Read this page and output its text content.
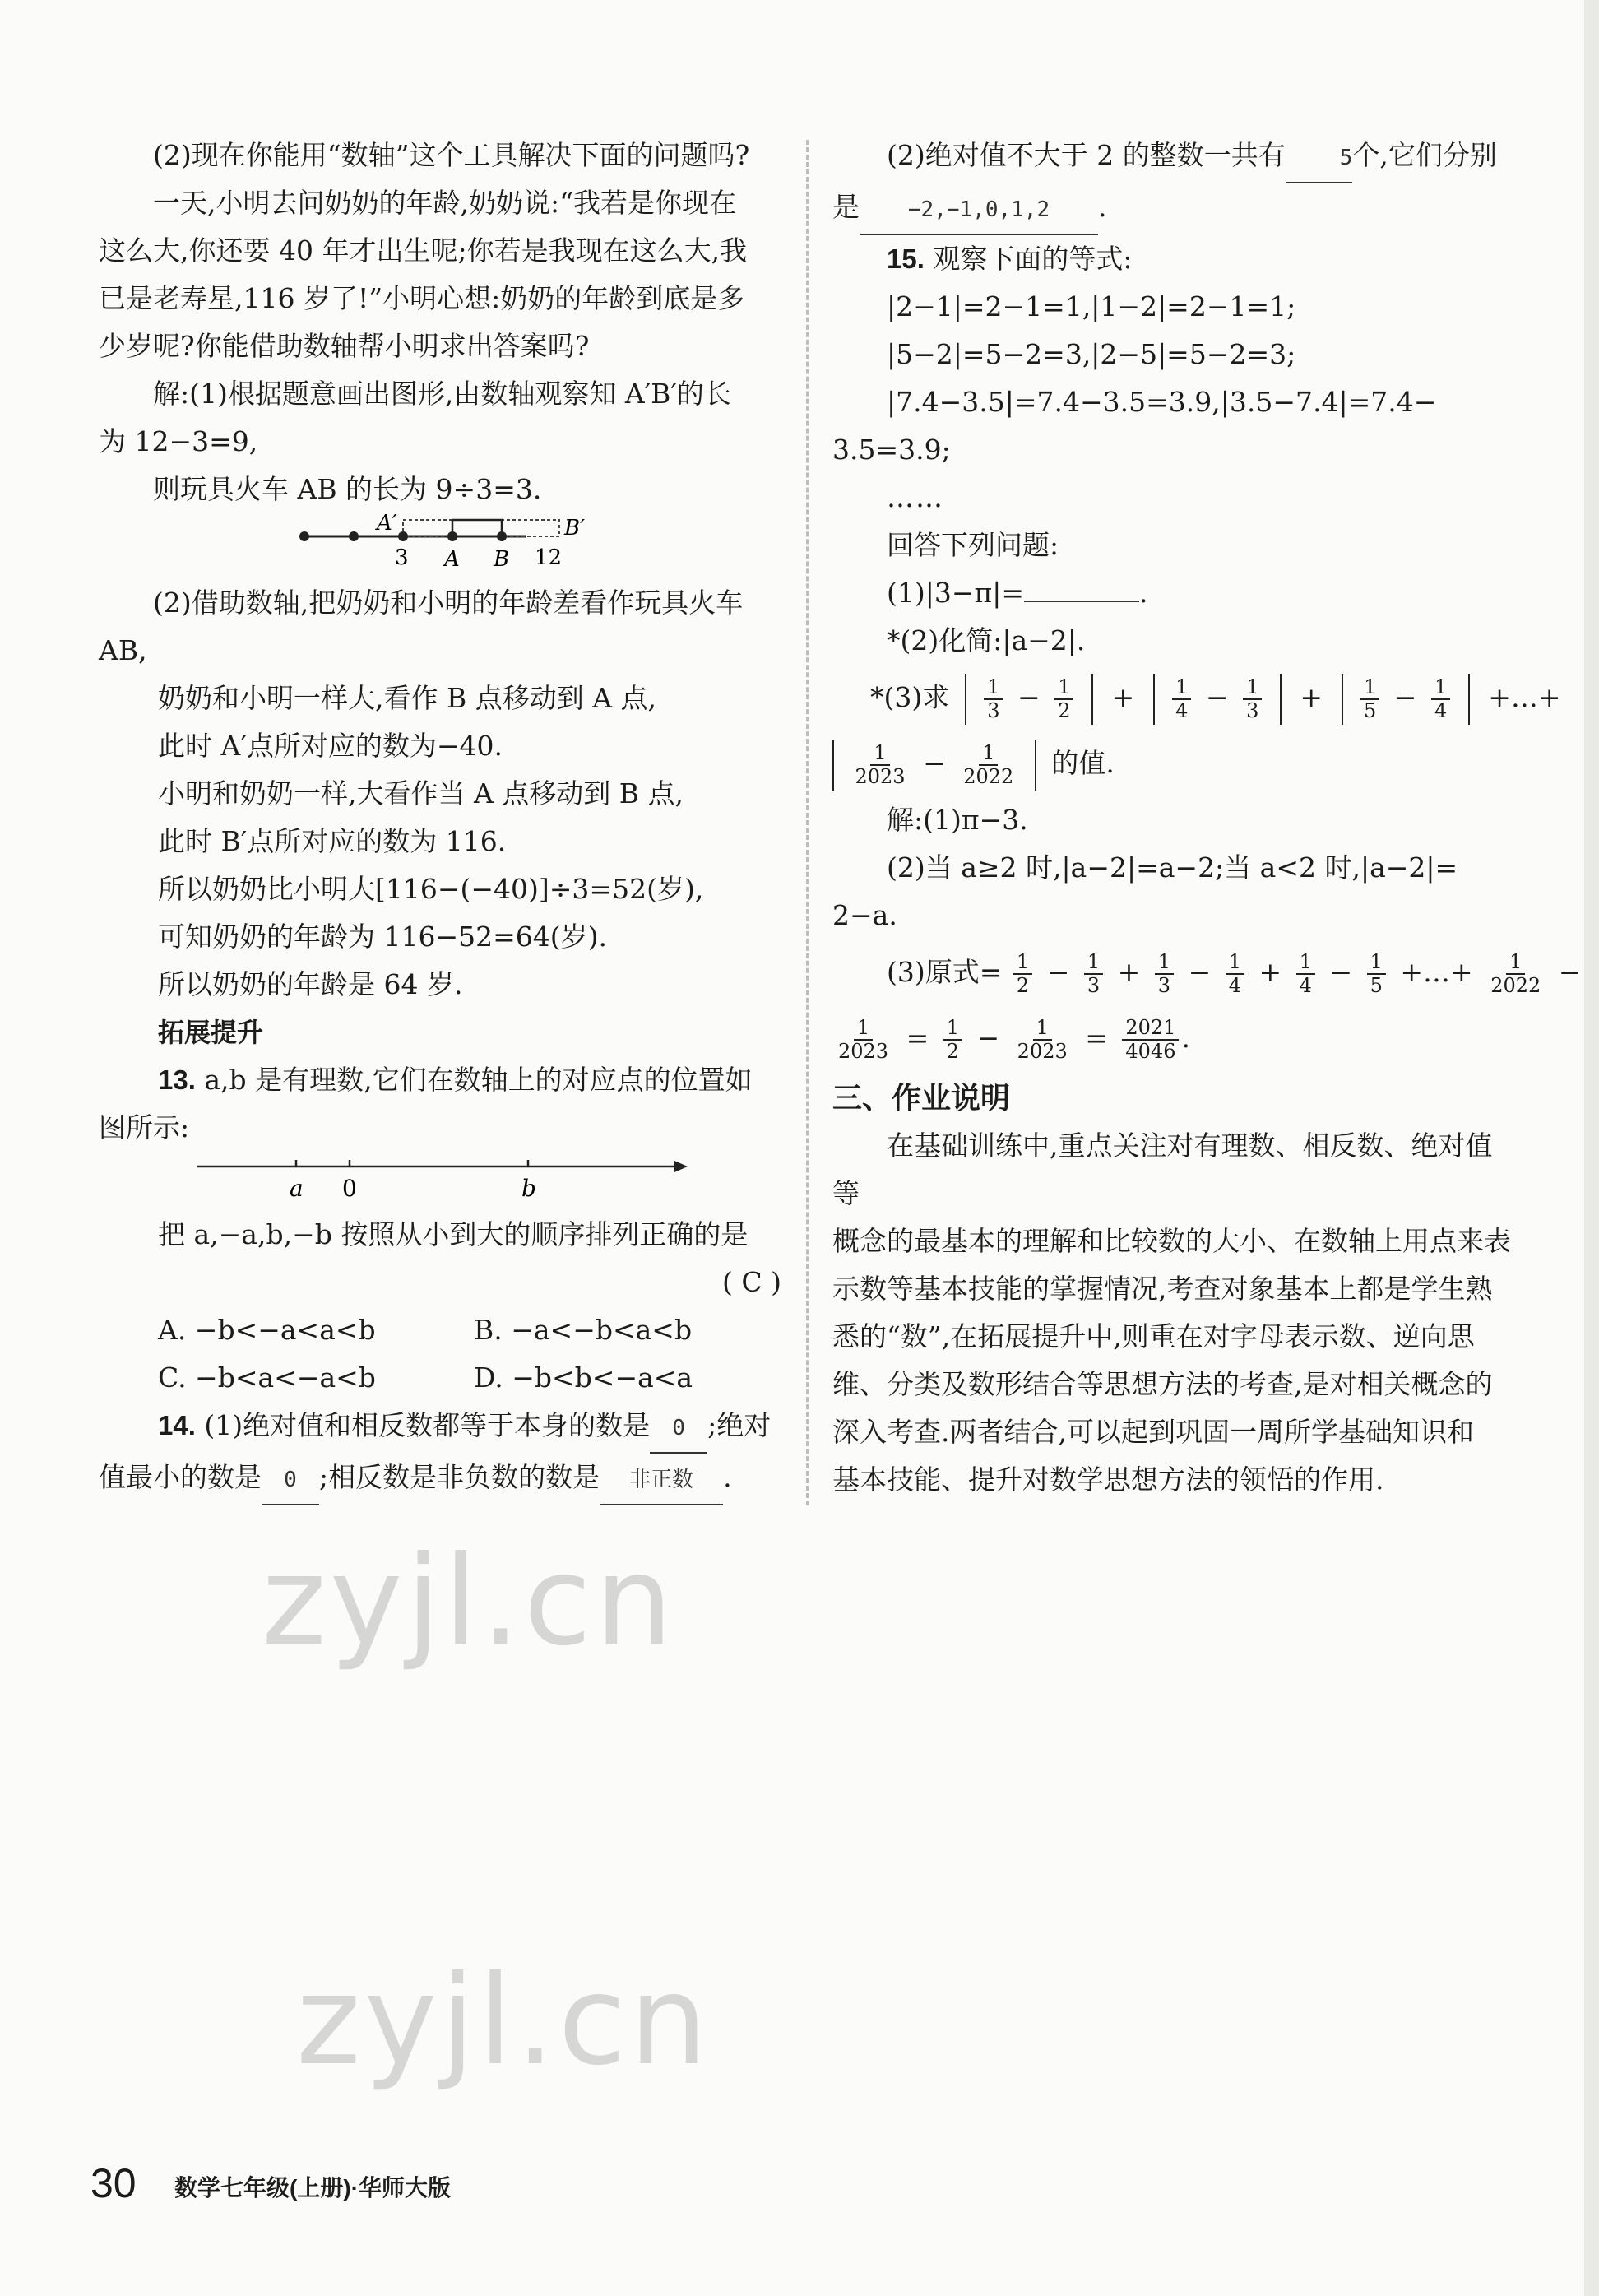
(2)现在你能用“数轴”这个工具解决下面的问题吗?

一天,小明去问奶奶的年龄,奶奶说:“我若是你现在

这么大,你还要 40 年才出生呢;你若是我现在这么大,我

已是老寿星,116 岁了!”小明心想:奶奶的年龄到底是多

少岁呢?你能借助数轴帮小明求出答案吗?

解:(1)根据题意画出图形,由数轴观察知 A′B′的长

为 12−3=9,

则玩具火车 AB 的长为 9÷3=3.

A′	B′
3 A B 12

(2)借助数轴,把奶奶和小明的年龄差看作玩具火车

AB,

奶奶和小明一样大,看作 B 点移动到 A 点,

此时 A′点所对应的数为−40.

小明和奶奶一样,大看作当 A 点移动到 B 点,

此时 B′点所对应的数为 116.

所以奶奶比小明大[116−(−40)]÷3=52(岁),

可知奶奶的年龄为 116−52=64(岁).

所以奶奶的年龄是 64 岁.

拓展提升

13. a,b 是有理数,它们在数轴上的对应点的位置如

图所示:

a 0	b

把 a,−a,b,−b 按照从小到大的顺序排列正确的是

( C )

A. −b<−a<a<b	B. −a<−b<a<b
C. −b<a<−a<b	D. −b<b<−a<a

14. (1)绝对值和相反数都等于本身的数是 0 ;绝对

值最小的数是 0 ;相反数是非负数的数是 非正数 .

(2)绝对值不大于 2 的整数一共有	5个,它们分别

是 −2,−1,0,1,2 .

15. 观察下面的等式:

|2−1|=2−1=1,|1−2|=2−1=1;

|5−2|=5−2=3,|2−5|=5−2=3;

|7.4−3.5|=7.4−3.5=3.9,|3.5−7.4|=7.4−

3.5=3.9;

……

回答下列问题:

(1)|3−π|=	.

*(2)化简:|a−2|.

*(3)求 $\frac{1}{3} - \frac{1}{2} + \frac{1}{4} - \frac{1}{3} + \frac{1}{5} - \frac{1}{4}$ +…+

$\frac{1}{2023} - \frac{1}{2022}$ 的值.

解:(1)π−3.

(2)当 a≥2 时,|a−2|=a−2;当 a<2 时,|a−2|=

2−a.

(3)原式= $\frac{1}{2} - \frac{1}{3} + \frac{1}{3} - \frac{1}{4} + \frac{1}{4} - \frac{1}{5}$ +…+ $\frac{1}{2022}$ −
$\frac{1}{2023} = \frac{1}{2} - \frac{1}{2023} = \frac{2021}{4046}$ .

三、作业说明

在基础训练中,重点关注对有理数、相反数、绝对值等

概念的最基本的理解和比较数的大小、在数轴上用点来表

示数等基本技能的掌握情况,考查对象基本上都是学生熟

悉的“数”,在拓展提升中,则重在对字母表示数、逆向思

维、分类及数形结合等思想方法的考查,是对相关概念的

深入考查.两者结合,可以起到巩固一周所学基础知识和

基本技能、提升对数学思想方法的领悟的作用.

zyjl.cn
zyjl.cn
30 数学七年级(上册)·华师大版
